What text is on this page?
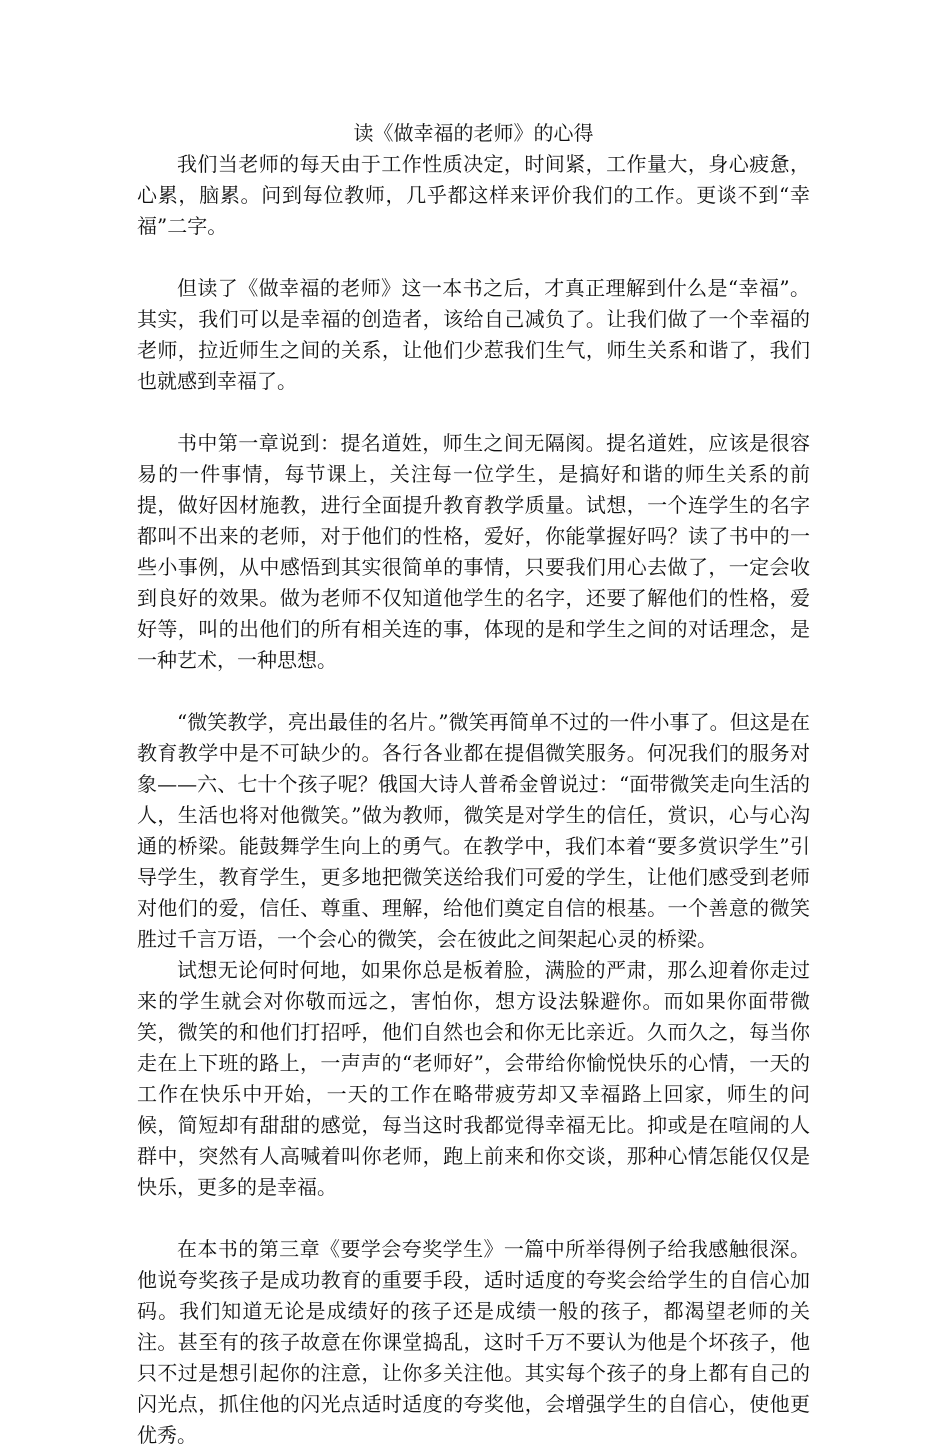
读《做幸福的老师》的心得

我们当老师的每天由于工作性质决定，时间紧，工作量大，身心疲惫，心累，脑累。问到每位教师，几乎都这样来评价我们的工作。更谈不到“幸福”二字。

但读了《做幸福的老师》这一本书之后，才真正理解到什么是“幸福”。其实，我们可以是幸福的创造者，该给自己减负了。让我们做了一个幸福的老师，拉近师生之间的关系，让他们少惹我们生气，师生关系和谐了，我们也就感到幸福了。

书中第一章说到：提名道姓，师生之间无隔阂。提名道姓，应该是很容易的一件事情，每节课上，关注每一位学生，是搞好和谐的师生关系的前提，做好因材施教，进行全面提升教育教学质量。试想，一个连学生的名字都叫不出来的老师，对于他们的性格，爱好，你能掌握好吗？读了书中的一些小事例，从中感悟到其实很简单的事情，只要我们用心去做了，一定会收到良好的效果。做为老师不仅知道他学生的名字，还要了解他们的性格，爱好等，叫的出他们的所有相关连的事，体现的是和学生之间的对话理念，是一种艺术，一种思想。

“微笑教学，亮出最佳的名片。”微笑再简单不过的一件小事了。但这是在教育教学中是不可缺少的。各行各业都在提倡微笑服务。何况我们的服务对象——六、七十个孩子呢？俄国大诗人普希金曾说过：“面带微笑走向生活的人，生活也将对他微笑。”做为教师，微笑是对学生的信任，赏识，心与心沟通的桥梁。能鼓舞学生向上的勇气。在教学中，我们本着“要多赏识学生”引导学生，教育学生，更多地把微笑送给我们可爱的学生，让他们感受到老师对他们的爱，信任、尊重、理解，给他们奠定自信的根基。一个善意的微笑胜过千言万语，一个会心的微笑，会在彼此之间架起心灵的桥梁。

试想无论何时何地，如果你总是板着脸，满脸的严肃，那么迎着你走过来的学生就会对你敬而远之，害怕你，想方设法躲避你。而如果你面带微笑，微笑的和他们打招呼，他们自然也会和你无比亲近。久而久之，每当你走在上下班的路上，一声声的“老师好”，会带给你愉悦快乐的心情，一天的工作在快乐中开始，一天的工作在略带疲劳却又幸福路上回家，师生的问候，简短却有甜甜的感觉，每当这时我都觉得幸福无比。抑或是在喧闹的人群中，突然有人高喊着叫你老师，跑上前来和你交谈，那种心情怎能仅仅是快乐，更多的是幸福。

在本书的第三章《要学会夸奖学生》一篇中所举得例子给我感触很深。他说夸奖孩子是成功教育的重要手段，适时适度的夸奖会给学生的自信心加码。我们知道无论是成绩好的孩子还是成绩一般的孩子，都渴望老师的关注。甚至有的孩子故意在你课堂捣乱，这时千万不要认为他是个坏孩子，他只不过是想引起你的注意，让你多关注他。其实每个孩子的身上都有自己的闪光点，抓住他的闪光点适时适度的夸奖他，会增强学生的自信心，使他更优秀。
